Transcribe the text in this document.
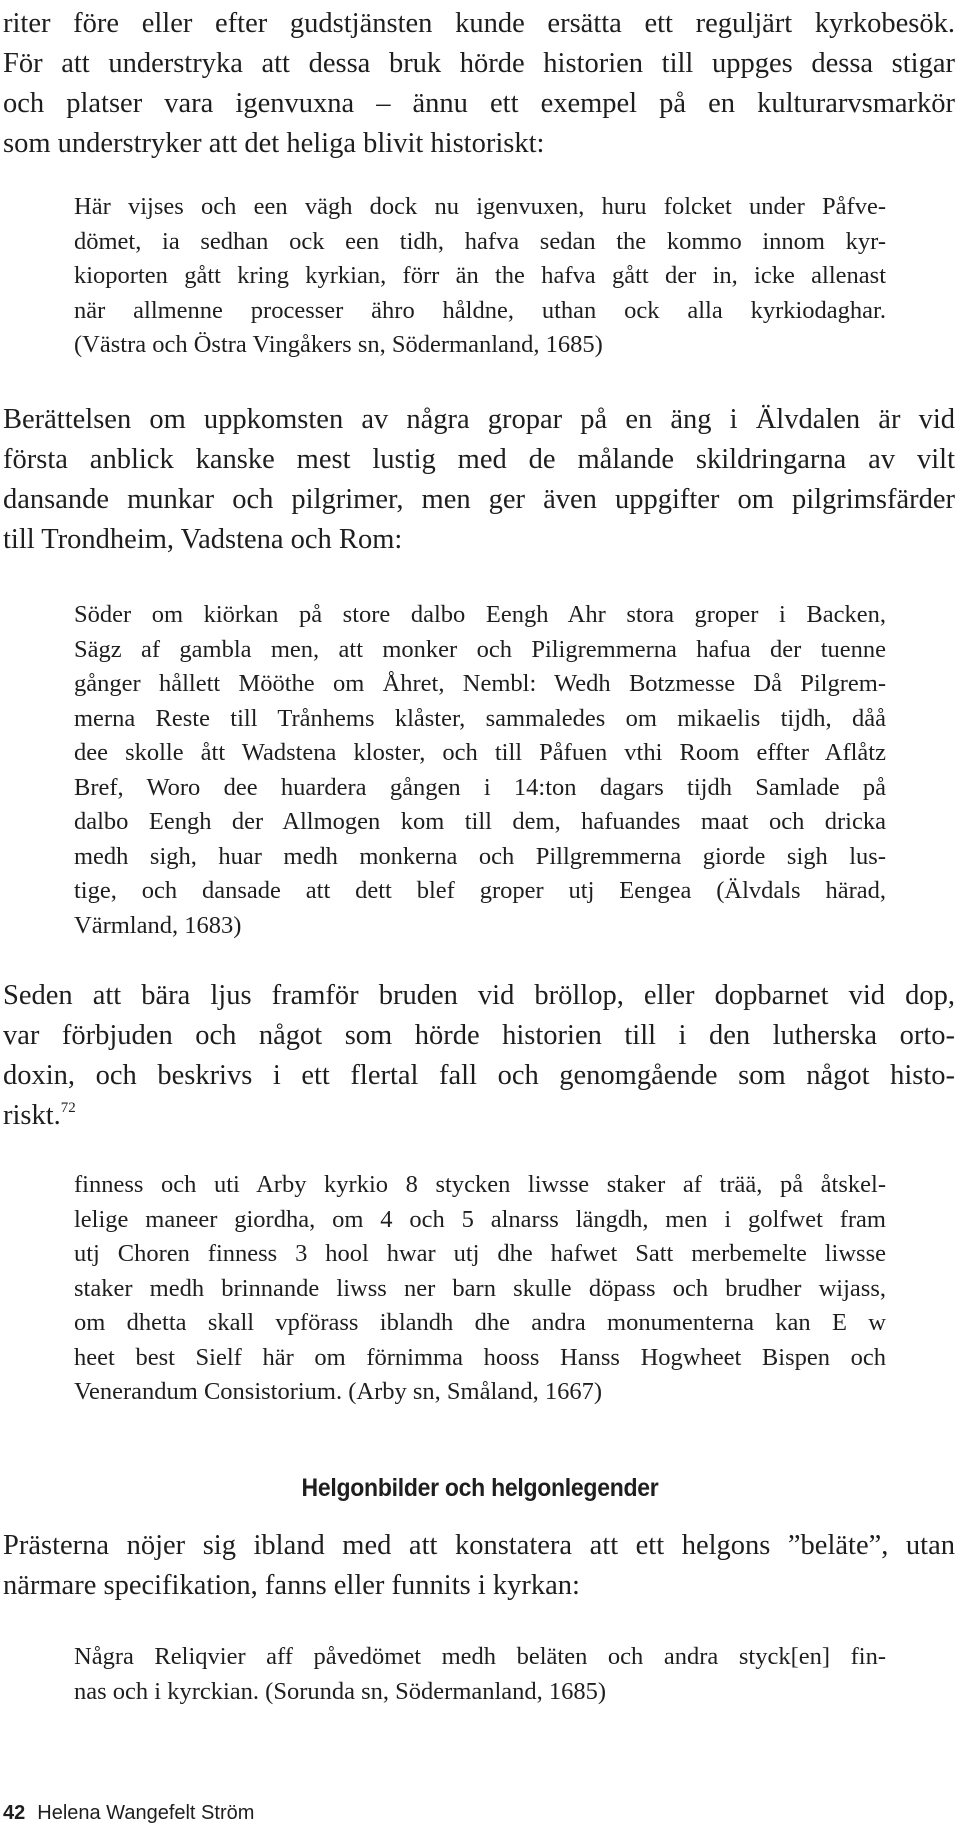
riter före eller efter gudstjänsten kunde ersätta ett reguljärt kyrkobesök.
För att understryka att dessa bruk hörde historien till uppges dessa stigar
och platser vara igenvuxna – ännu ett exempel på en kulturarvsmarkör
som understryker att det heliga blivit historiskt:

Här vijses och een vägh dock nu igenvuxen, huru folcket under Påfve-
dömet, ia sedhan ock een tidh, hafva sedan the kommo innom kyr-
kioporten gått kring kyrkian, förr än the hafva gått der in, icke allenast
när allmenne processer ähro håldne, uthan ock alla kyrkiodaghar.
(Västra och Östra Vingåkers sn, Södermanland, 1685)

Berättelsen om uppkomsten av några gropar på en äng i Älvdalen är vid
första anblick kanske mest lustig med de målande skildringarna av vilt
dansande munkar och pilgrimer, men ger även uppgifter om pilgrimsfärder
till Trondheim, Vadstena och Rom:

Söder om kiörkan på store dalbo Eengh Ahr stora groper i Backen,
Sägz af gambla men, att monker och Piligremmerna hafua der tuenne
gånger hållett Mööthe om Åhret, Nembl: Wedh Botzmesse Då Pilgrem-
merna Reste till Trånhems klåster, sammaledes om mikaelis tijdh, dåå
dee skolle ått Wadstena kloster, och till Påfuen vthi Room effter Aflåtz
Bref, Woro dee huardera gången i 14:ton dagars tijdh Samlade på
dalbo Eengh der Allmogen kom till dem, hafuandes maat och dricka
medh sigh, huar medh monkerna och Pillgremmerna giorde sigh lus-
tige, och dansade att dett blef groper utj Eengea (Älvdals härad,
Värmland, 1683)

Seden att bära ljus framför bruden vid bröllop, eller dopbarnet vid dop,
var förbjuden och något som hörde historien till i den lutherska orto-
doxin, och beskrivs i ett flertal fall och genomgående som något histo-
riskt.$^{72}$

finness och uti Arby kyrkio 8 stycken liwsse staker af trää, på åtskel-
lelige maneer giordha, om 4 och 5 alnarss längdh, men i golfwet fram
utj Choren finness 3 hool hwar utj dhe hafwet Satt merbemelte liwsse
staker medh brinnande liwss ner barn skulle döpass och brudher wijass,
om dhetta skall vpförass iblandh dhe andra monumenterna kan E w
heet best Sielf här om förnimma hooss Hanss Hogwheet Bispen och
Venerandum Consistorium. (Arby sn, Småland, 1667)

Helgonbilder och helgonlegender

Prästerna nöjer sig ibland med att konstatera att ett helgons ”beläte”, utan
närmare specifikation, fanns eller funnits i kyrkan:

Några Reliqvier aff påvedömet medh beläten och andra styck[en] fin-
nas och i kyrckian. (Sorunda sn, Södermanland, 1685)

42 Helena Wangefelt Ström
